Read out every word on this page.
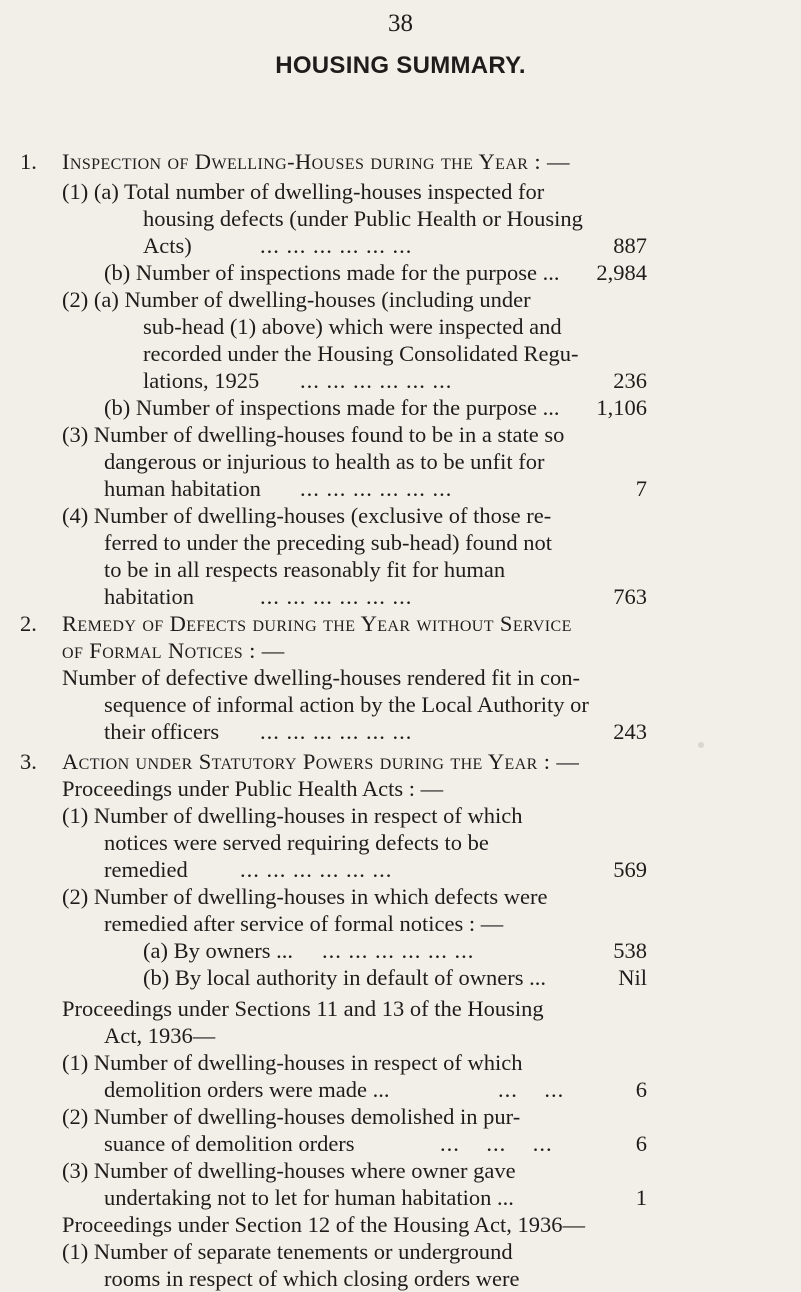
38
HOUSING SUMMARY.
1. Inspection of Dwelling-Houses during the Year : —
(1) (a) Total number of dwelling-houses inspected for
housing defects (under Public Health or Housing
Acts)	... ... ... ... ... ...	887
(b) Number of inspections made for the purpose ... 2,984
(2) (a) Number of dwelling-houses (including under
sub-head (1) above) which were inspected and
recorded under the Housing Consolidated Regu-
lations, 1925 ... ... ... ... ... ...	236
(b) Number of inspections made for the purpose ... 1,106
(3) Number of dwelling-houses found to be in a state so
dangerous or injurious to health as to be unfit for
human habitation ... ... ... ... ... ...	7
(4) Number of dwelling-houses (exclusive of those re-
ferred to under the preceding sub-head) found not
to be in all respects reasonably fit for human
habitation	... ... ... ... ... ...	763
2. Remedy of Defects during the Year without Service
of Formal Notices : —
Number of defective dwelling-houses rendered fit in con-
sequence of informal action by the Local Authority or
their officers ... ... ... ... ... ...	243
3. Action under Statutory Powers during the Year : —
Proceedings under Public Health Acts : —
(1) Number of dwelling-houses in respect of which
notices were served requiring defects to be
remedied ... ... ... ... ... ...	569
(2) Number of dwelling-houses in which defects were
remedied after service of formal notices : —
(a) By owners ... ... ... ... ... ... ...	538
(b) By local authority in default of owners ...	Nil
Proceedings under Sections 11 and 13 of the Housing
Act, 1936—
(1) Number of dwelling-houses in respect of which
demolition orders were made ...	...    ...	6
(2) Number of dwelling-houses demolished in pur-
suance of demolition orders	...    ...    ...	6
(3) Number of dwelling-houses where owner gave
undertaking not to let for human habitation ...	1
Proceedings under Section 12 of the Housing Act, 1936—
(1) Number of separate tenements or underground
rooms in respect of which closing orders were
